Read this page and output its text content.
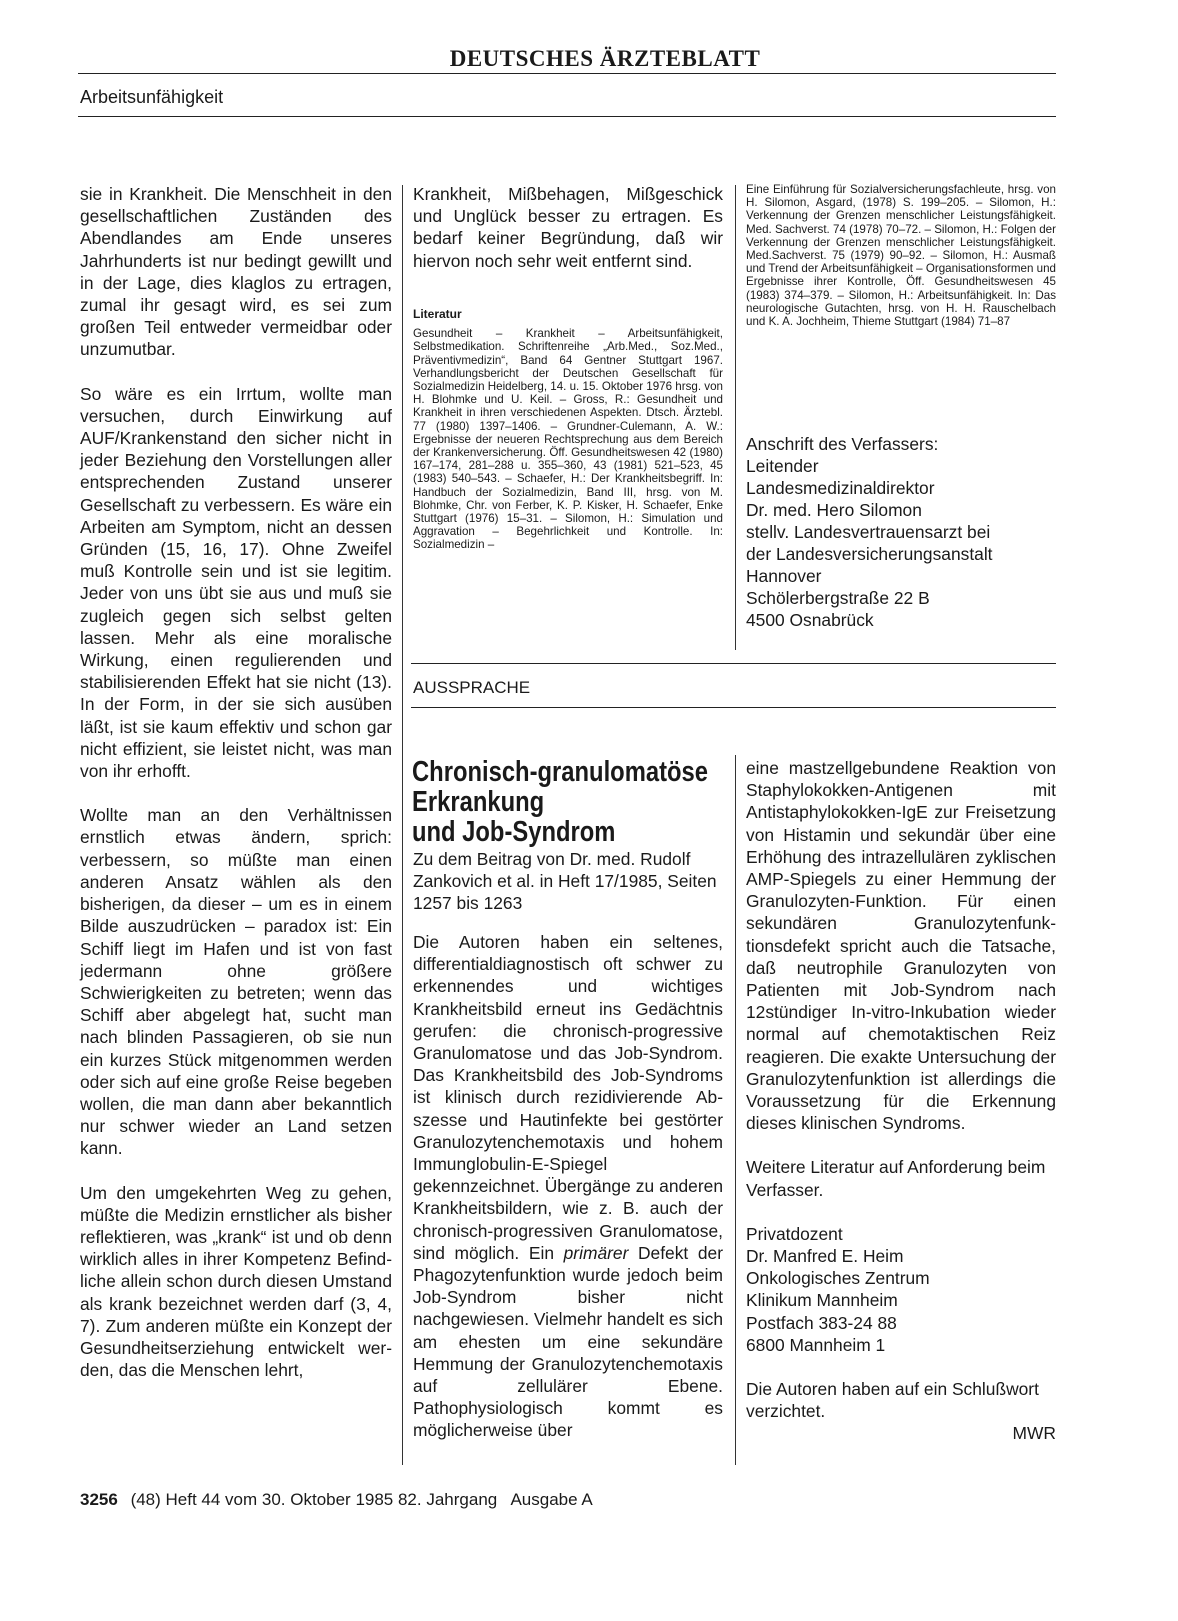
DEUTSCHES ÄRZTEBLATT
Arbeitsunfähigkeit

sie in Krankheit. Die Menschheit in den gesellschaftlichen Zuständen des Abendlandes am Ende unseres Jahrhunderts ist nur bedingt gewillt und in der Lage, dies klaglos zu ertragen, zumal ihr gesagt wird, es sei zum großen Teil entweder vermeidbar oder unzumutbar.

So wäre es ein Irrtum, wollte man versuchen, durch Einwirkung auf AUF/Krankenstand den sicher nicht in jeder Beziehung den Vorstellungen aller entsprechenden Zustand unserer Gesellschaft zu verbessern. Es wäre ein Arbeiten am Symptom, nicht an dessen Gründen (15, 16, 17). Ohne Zweifel muß Kontrolle sein und ist sie legitim. Jeder von uns übt sie aus und muß sie zugleich gegen sich selbst gelten lassen. Mehr als eine moralische Wirkung, einen regulierenden und stabilisierenden Effekt hat sie nicht (13). In der Form, in der sie sich ausüben läßt, ist sie kaum effektiv und schon gar nicht effizient, sie leistet nicht, was man von ihr erhofft.

Wollte man an den Verhältnissen ernstlich etwas ändern, sprich: verbessern, so müßte man einen anderen Ansatz wählen als den bisherigen, da dieser – um es in einem Bilde auszudrücken – paradox ist: Ein Schiff liegt im Hafen und ist von fast jedermann ohne größere Schwierigkeiten zu betreten; wenn das Schiff aber abgelegt hat, sucht man nach blinden Passagieren, ob sie nun ein kurzes Stück mitgenommen werden oder sich auf eine große Reise begeben wollen, die man dann aber bekanntlich nur schwer wieder an Land setzen kann.

Um den umgekehrten Weg zu gehen, müßte die Medizin ernstlicher als bisher reflektieren, was „krank“ ist und ob denn wirklich alles in ihrer Kompetenz Befindliche allein schon durch diesen Umstand als krank bezeichnet werden darf (3, 4, 7). Zum anderen müßte ein Konzept der Gesundheitserziehung entwickelt werden, das die Menschen lehrt,

Krankheit, Mißbehagen, Mißgeschick und Unglück besser zu ertragen. Es bedarf keiner Begründung, daß wir hiervon noch sehr weit entfernt sind.

Literatur

Gesundheit – Krankheit – Arbeitsunfähigkeit, Selbstmedikation. Schriftenreihe „Arb.Med., Soz.Med., Präventivmedizin“, Band 64 Gentner Stuttgart 1967. Verhandlungsbericht der Deutschen Gesellschaft für Sozialmedizin Heidelberg, 14. u. 15. Oktober 1976 hrsg. von H. Blohmke und U. Keil. – Gross, R.: Gesundheit und Krankheit in ihren verschiedenen Aspekten. Dtsch. Ärztebl. 77 (1980) 1397–1406. – Grundner-Culemann, A. W.: Ergebnisse der neueren Rechtsprechung aus dem Bereich der Krankenversicherung. Öff. Gesundheitswesen 42 (1980) 167–174, 281–288 u. 355–360, 43 (1981) 521–523, 45 (1983) 540–543. – Schaefer, H.: Der Krankheitsbegriff. In: Handbuch der Sozialmedizin, Band III, hrsg. von M. Blohmke, Chr. von Ferber, K. P. Kisker, H. Schaefer, Enke Stuttgart (1976) 15–31. – Silomon, H.: Simulation und Aggravation – Begehrlichkeit und Kontrolle. In: Sozialmedizin –

Eine Einführung für Sozialversicherungsfachleute, hrsg. von H. Silomon, Asgard, (1978) S. 199–205. – Silomon, H.: Verkennung der Grenzen menschlicher Leistungsfähigkeit. Med. Sachverst. 74 (1978) 70–72. – Silomon, H.: Folgen der Verkennung der Grenzen menschlicher Leistungsfähigkeit. Med.Sachverst. 75 (1979) 90–92. – Silomon, H.: Ausmaß und Trend der Arbeitsunfähigkeit – Organisationsformen und Ergebnisse ihrer Kontrolle, Öff. Gesundheitswesen 45 (1983) 374–379. – Silomon, H.: Arbeitsunfähigkeit. In: Das neurologische Gutachten, hrsg. von H. H. Rauschelbach und K. A. Jochheim, Thieme Stuttgart (1984) 71–87

Anschrift des Verfassers:
Leitender
Landesmedizinaldirektor
Dr. med. Hero Silomon
stellv. Landesvertrauensarzt bei
der Landesversicherungsanstalt
Hannover
Schölerbergstraße 22 B
4500 Osnabrück
AUSSPRACHE
Chronisch-granulomatöse
Erkrankung
und Job-Syndrom
Zu dem Beitrag von Dr. med. Rudolf Zankovich et al. in Heft 17/1985, Seiten 1257 bis 1263

Die Autoren haben ein seltenes, differentialdiagnostisch oft schwer zu erkennendes und wichtiges Krankheitsbild erneut ins Gedächtnis gerufen: die chronisch-progressive Granulomatose und das Job-Syndrom. Das Krankheitsbild des Job-Syndroms ist klinisch durch rezidivierende Abszesse und Hautinfekte bei gestörter Granulozytenchemotaxis und hohem Immunglobulin-E-Spiegel gekennzeichnet. Übergänge zu anderen Krankheitsbildern, wie z. B. auch der chronisch-progressiven Granulomatose, sind möglich. Ein primärer Defekt der Phagozytenfunktion wurde jedoch beim Job-Syndrom bisher nicht nachgewiesen. Vielmehr handelt es sich am ehesten um eine sekundäre Hemmung der Granulozytenchemotaxis auf zellulärer Ebene. Pathophysiologisch kommt es möglicherweise über

eine mastzellgebundene Reaktion von Staphylokokken-Antigenen mit Antistaphylokokken-IgE zur Freisetzung von Histamin und sekundär über eine Erhöhung des intrazellulären zyklischen AMP-Spiegels zu einer Hemmung der Granulozyten-Funktion. Für einen sekundären Granulozytenfunktionsdefekt spricht auch die Tatsache, daß neutrophile Granulozyten von Patienten mit Job-Syndrom nach 12stündiger In-vitro-Inkubation wieder normal auf chemotaktischen Reiz reagieren. Die exakte Untersuchung der Granulozytenfunktion ist allerdings die Voraussetzung für die Erkennung dieses klinischen Syndroms.

Weitere Literatur auf Anforderung beim Verfasser.

Privatdozent
Dr. Manfred E. Heim
Onkologisches Zentrum
Klinikum Mannheim
Postfach 383-24 88
6800 Mannheim 1

Die Autoren haben auf ein Schlußwort verzichtet.
MWR

3256 (48) Heft 44 vom 30. Oktober 1985 82. Jahrgang   Ausgabe A
